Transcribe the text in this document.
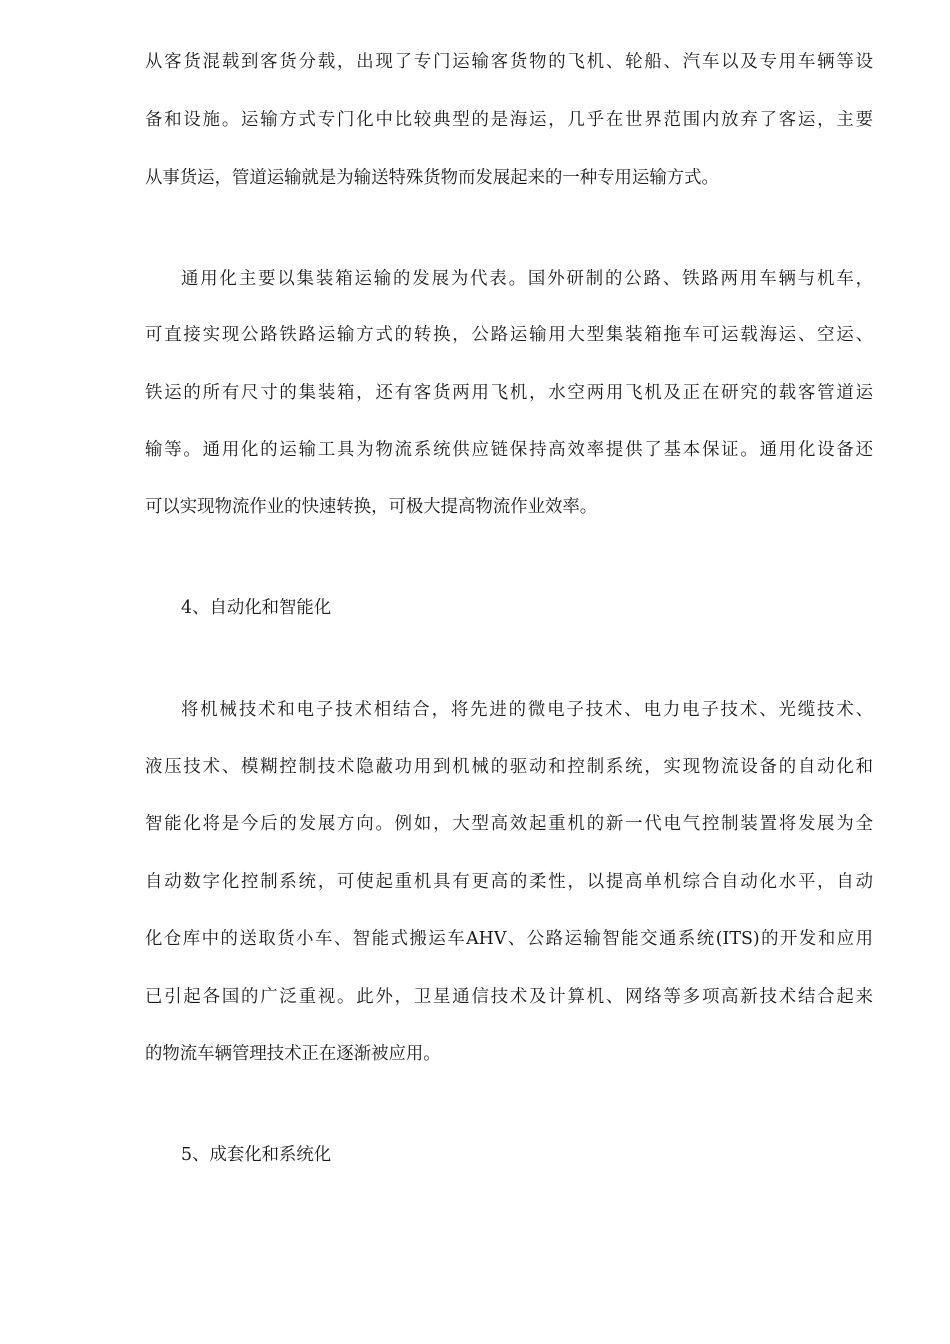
从客货混载到客货分载，出现了专门运输客货物的飞机、轮船、汽车以及专用车辆等设
备和设施。运输方式专门化中比较典型的是海运，几乎在世界范围内放弃了客运，主要
从事货运，管道运输就是为输送特殊货物而发展起来的一种专用运输方式。
通用化主要以集装箱运输的发展为代表。国外研制的公路、铁路两用车辆与机车，
可直接实现公路铁路运输方式的转换，公路运输用大型集装箱拖车可运载海运、空运、
铁运的所有尺寸的集装箱，还有客货两用飞机，水空两用飞机及正在研究的载客管道运
输等。通用化的运输工具为物流系统供应链保持高效率提供了基本保证。通用化设备还
可以实现物流作业的快速转换，可极大提高物流作业效率。
4、自动化和智能化
将机械技术和电子技术相结合，将先进的微电子技术、电力电子技术、光缆技术、
液压技术、模糊控制技术隐蔽功用到机械的驱动和控制系统，实现物流设备的自动化和
智能化将是今后的发展方向。例如，大型高效起重机的新一代电气控制装置将发展为全
自动数字化控制系统，可使起重机具有更高的柔性，以提高单机综合自动化水平，自动
化仓库中的送取货小车、智能式搬运车AHV、公路运输智能交通系统(ITS)的开发和应用
已引起各国的广泛重视。此外，卫星通信技术及计算机、网络等多项高新技术结合起来
的物流车辆管理技术正在逐渐被应用。
5、成套化和系统化
